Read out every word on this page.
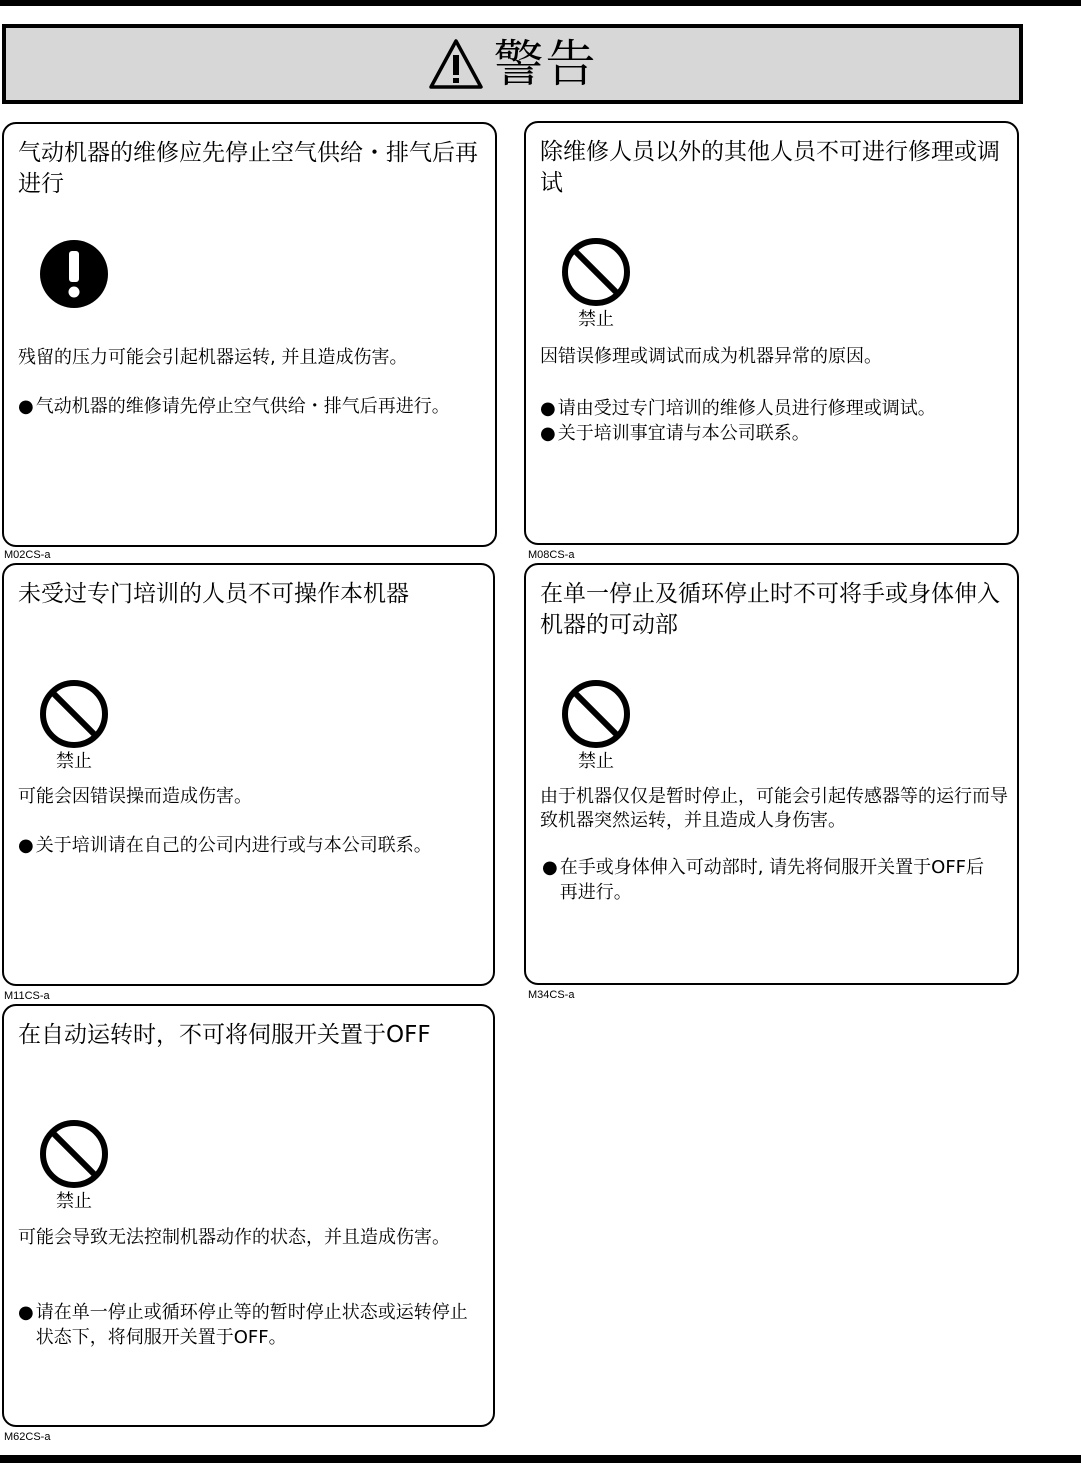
警告
气动机器的维修应先停止空气供给・排气后再进行
残留的压力可能会引起机器运转, 并且造成伤害。
● 气动机器的维修请先停止空气供给・排气后再进行。
M02CS-a
除维修人员以外的其他人员不可进行修理或调试
禁止
因错误修理或调试而成为机器异常的原因。
● 请由受过专门培训的维修人员进行修理或调试。
● 关于培训事宜请与本公司联系。
M08CS-a
未受过专门培训的人员不可操作本机器
禁止
可能会因错误操而造成伤害。
● 关于培训请在自己的公司内进行或与本公司联系。
M11CS-a
在单一停止及循环停止时不可将手或身体伸入机器的可动部
禁止
由于机器仅仅是暂时停止，可能会引起传感器等的运行而导致机器突然运转，并且造成人身伤害。
● 在手或身体伸入可动部时, 请先将伺服开关置于OFF后再进行。
M34CS-a
在自动运转时，不可将伺服开关置于OFF
禁止
可能会导致无法控制机器动作的状态，并且造成伤害。
● 请在单一停止或循环停止等的暂时停止状态或运转停止状态下，将伺服开关置于OFF。
M62CS-a
